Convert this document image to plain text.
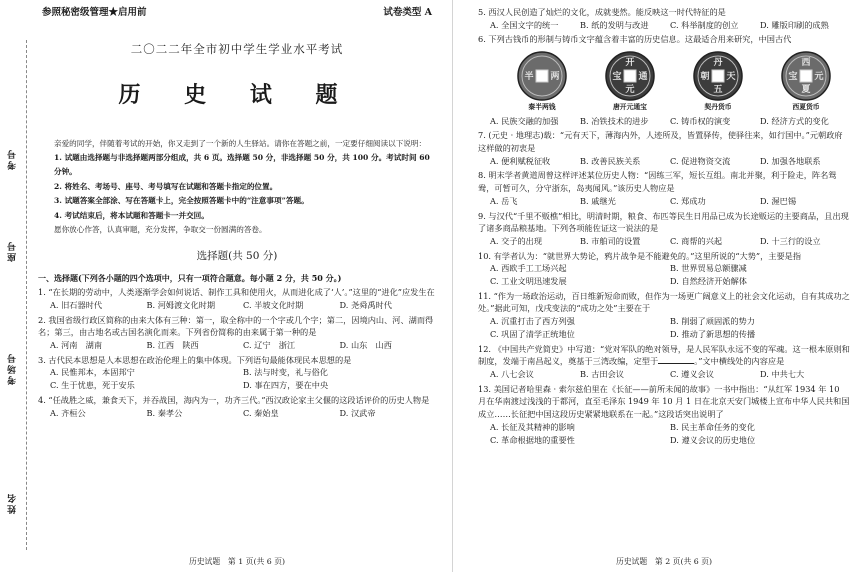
考号
座号
考场号
姓名
参照秘密级管理★启用前	试卷类型 A
二〇二二年全市初中学生学业水平考试
历 史 试 题

亲爱的同学，伴随着考试的开始，你又走到了一个新的人生驿站。请你在答题之前，一定要仔细阅读以下说明：

1. 试题由选择题与非选择题两部分组成，共 6 页。选择题 50 分，非选择题 50 分，共 100 分。考试时间 60 分钟。

2. 将姓名、考场号、座号、考号填写在试题和答题卡指定的位置。

3. 试题答案全部涂、写在答题卡上，完全按照答题卡中的“注意事项”答题。

4. 考试结束后，将本试题和答题卡一并交回。

愿你放心作答，认真审题，充分发挥，争取交一份圆满的答卷。

选择题(共 50 分)
一、选择题(下列各小题的四个选项中，只有一项符合题意。每小题 2 分，共 50 分。)

1. “在长期的劳动中，人类逐渐学会如何说话、制作工具和使用火，从而进化成了‘人’。”这里的“进化”应发生在

A. 旧石器时代	B. 河姆渡文化时期	C. 半坡文化时期	D. 尧舜禹时代

2. 我国省级行政区简称的由来大体有三种：第一，取全称中的一个字或几个字；第二，因境内山、河、湖而得名；第三，由古地名或古国名演化而来。下列省份简称的由来属于第一种的是

A. 河南　湖南	B. 江西　陕西	C. 辽宁　浙江	D. 山东　山西

3. 古代民本思想是人本思想在政治伦理上的集中体现。下列语句最能体现民本思想的是

A. 民惟邦本，本固邦宁	B. 法与时变，礼与俗化
C. 生于忧患，死于安乐	D. 事在四方，要在中央

4. “任战胜之威，兼食天下，并吞战国，海内为一，功齐三代。”西汉政论家主父偃的这段话评价的历史人物是

A. 齐桓公	B. 秦孝公	C. 秦始皇	D. 汉武帝
历史试题　第 1 页(共 6 页)

5. 西汉人民创造了灿烂的文化，成就斐然。能反映这一时代特征的是

A. 全国文字的统一	B. 纸的发明与改进	C. 科举制度的创立	D. 雕版印刷的成熟

6. 下列古钱币的形制与铸币文字蕴含着丰富的历史信息。这最适合用来研究，中国古代

半 两
秦半两钱
开
元
通
宝
唐开元通宝
丹
五
天
朝
契丹货币
西
夏
元
宝
西夏货币
A. 民族交融的加强	B. 冶铁技术的进步	C. 铸币权的演变	D. 经济方式的变化

7. (元史 · 地理志)载：“元有天下，薄海内外，人迹所及，皆置驿传，使驿往来，如行国中。”元朝政府这样做的初衷是

A. 便利赋税征收	B. 改善民族关系	C. 促进物资交流	D. 加强各地联系

8. 明末学者黄道周曾这样评述某位历史人物：“因练三军，短长互组。南北并聚，利于险走，阵名鸳鸯，可暂可久，分守浙东，岛夷闻风。”该历史人物应是

A. 岳飞	B. 戚继光	C. 郑成功	D. 渥巴锡

9. 与汉代“千里不贩樵”相比，明清时期，粮食、布匹等民生日用品已成为长途贩运的主要商品，且出现了诸多商品粮基地。下列各项能佐证这一说法的是

A. 交子的出现	B. 市舶司的设置	C. 商帮的兴起	D. 十三行的设立

10. 有学者认为：“就世界大势论，鸦片战争是不能避免的。”这里所说的“大势”，主要是指

A. 西欧手工工场兴起	B. 世界贸易总额骤减
C. 工业文明迅速发展	D. 自然经济开始解体

11. “作为一场政治运动，百日维新短命而败，但作为一场更广阔意义上的社会文化运动，自有其成功之处。”据此可知，戊戌变法的“成功之处”主要在于

A. 沉重打击了西方列强	B. 削弱了顽固派的势力
C. 巩固了清学正统地位	D. 推动了新思想的传播

12. 《中国共产党简史》中写道：“党对军队的绝对领导，是人民军队永远不变的军魂。这一根本原则和制度，发端于南昌起义，奠基于三湾改编，定型于	。”文中横线处的内容应是

A. 八七会议	B. 古田会议	C. 遵义会议	D. 中共七大

13. 美国记者哈里森 · 索尔兹伯里在《长征——前所未闻的故事》一书中指出：“从红军 1934 年 10 月在华南渡过浅浅的于都河，直至毛泽东 1949 年 10 月 1 日在北京天安门城楼上宣布中华人民共和国成立……长征把中国这段历史紧紧地联系在一起。”这段话突出说明了

A. 长征及其精神的影响	B. 民主革命任务的变化
C. 革命根据地的重要性	D. 遵义会议的历史地位
历史试题　第 2 页(共 6 页)
